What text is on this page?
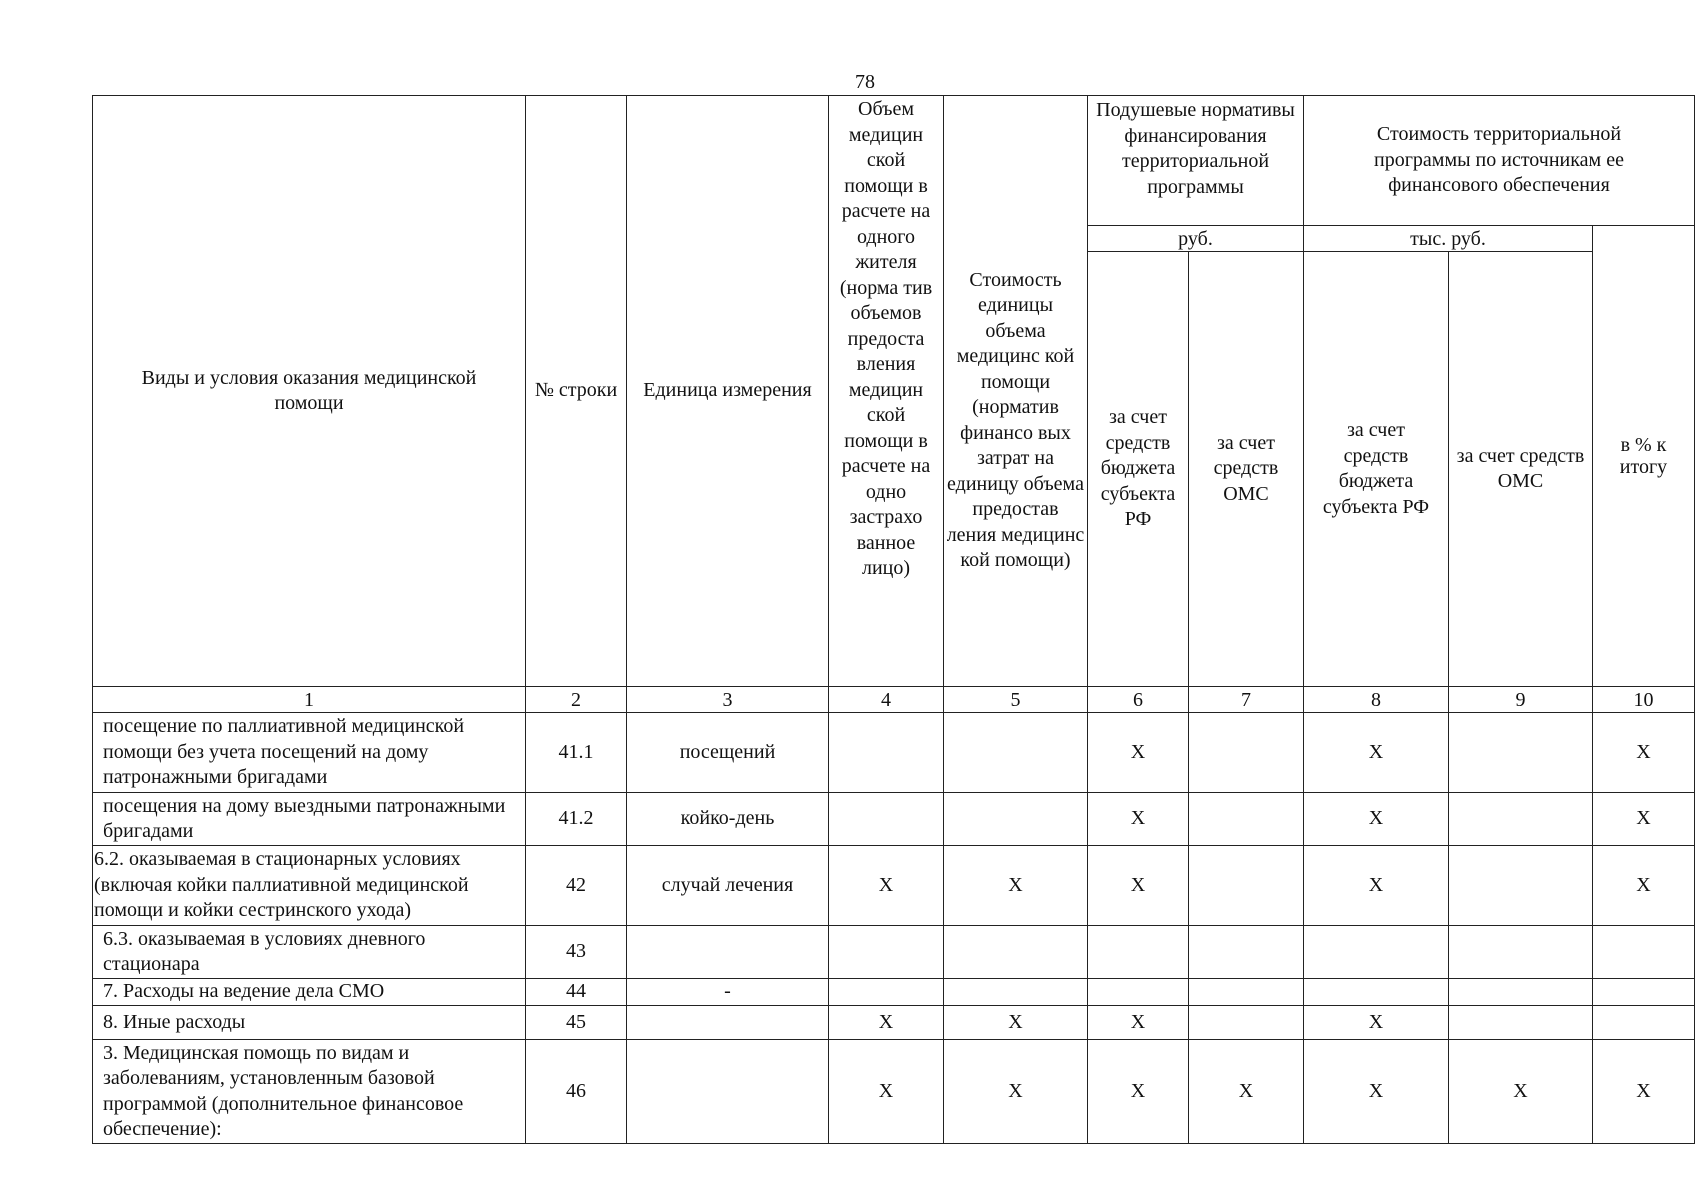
78
Виды и условия оказания медицинской помощи	№ строки	Единица измерения	Объем медицин ской помощи в расчете на одного жителя (норма тив объемов предоста вления медицин ской помощи в расчете на одно застрахо ванное лицо)	Стоимость единицы объема медицинс кой помощи (норматив финансо вых затрат на единицу объема предостав ления медицинс кой помощи)	Подушевые нормативы финансирования территориальной программы		Стоимость территориальной программы по источникам ее финансового обеспечения		
					руб.		тыс. руб.		в % к итогу
					за счет средств бюджета субъекта РФ	за счет средств ОМС	за счет средств бюджета субъекта РФ	за счет средств ОМС	
1	2	3	4	5	6	7	8	9	10
посещение по паллиативной медицинской помощи без учета посещений на дому патронажными бригадами	41.1	посещений			X		X		X
посещения на дому выездными патронажными бригадами	41.2	койко-день			X		X		X
6.2. оказываемая в стационарных условиях (включая койки паллиативной медицинской помощи и койки сестринского ухода)	42	случай лечения	X	X	X		X		X
6.3. оказываемая в условиях дневного стационара	43								
7. Расходы на ведение дела СМО	44	-							
8. Иные расходы	45		X	X	X		X		
3. Медицинская помощь по видам и заболеваниям, установленным базовой программой (дополнительное финансовое обеспечение):	46		X	X	X	X	X	X	X
